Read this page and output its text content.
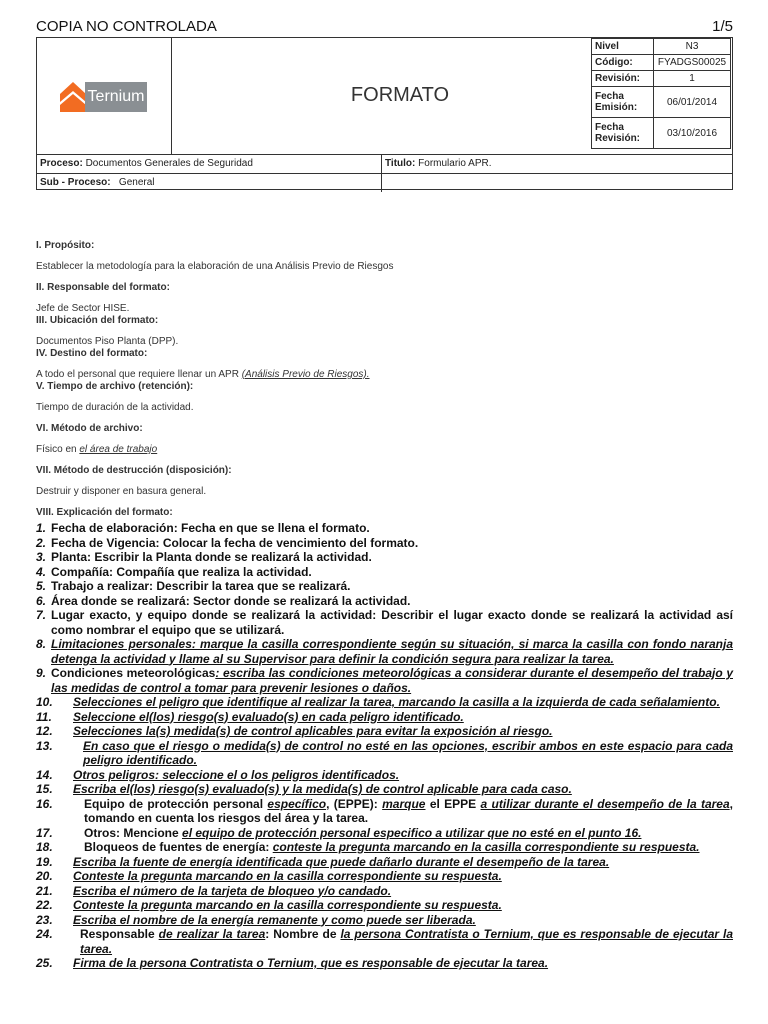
COPIA NO CONTROLADA	1/5
Ternium	FORMATO
Nivel	N3
Código:	FYADGS00025
Revisión:	1
Fecha Emisión:	06/01/2014
Fecha Revisión:	03/10/2016
Proceso: Documentos Generales de Seguridad	Titulo: Formulario APR.
Sub - Proceso: General

I. Propósito:

Establecer la metodología para la elaboración de una Análisis Previo de Riesgos

II. Responsable del formato:

Jefe de Sector HISE.

III. Ubicación del formato:

Documentos Piso Planta (DPP).

IV. Destino del formato:

A todo el personal que requiere llenar un APR (Análisis Previo de Riesgos).

V. Tiempo de archivo (retención):

Tiempo de duración de la actividad.

VI. Método de archivo:

Físico en el área de trabajo

VII. Método de destrucción (disposición):

Destruir y disponer en basura general.

VIII. Explicación del formato:

1. Fecha de elaboración: Fecha en que se llena el formato.
2. Fecha de Vigencia: Colocar la fecha de vencimiento del formato.
3. Planta: Escribir la Planta donde se realizará la actividad.
4. Compañía: Compañía que realiza la actividad.
5. Trabajo a realizar: Describir la tarea que se realizará.
6. Área donde se realizará: Sector donde se realizará la actividad.
7. Lugar exacto, y equipo donde se realizará la actividad: Describir el lugar exacto donde se realizará la actividad así como nombrar el equipo que se utilizará.
8. Limitaciones personales: marque la casilla correspondiente según su situación, si marca la casilla con fondo naranja detenga la actividad y llame al su Supervisor para definir la condición segura para realizar la tarea.
9. Condiciones meteorológicas: escriba las condiciones meteorológicas a considerar durante el desempeño del trabajo y las medidas de control a tomar para prevenir lesiones o daños.
10. Selecciones el peligro que identifique al realizar la tarea, marcando la casilla a la izquierda de cada señalamiento.
11. Seleccione el(los) riesgo(s) evaluado(s) en cada peligro identificado.
12. Selecciones la(s) medida(s) de control aplicables para evitar la exposición al riesgo.
13.	En caso que el riesgo o medida(s) de control no esté en las opciones, escribir ambos en este espacio para cada peligro identificado.
14. Otros peligros: seleccione el o los peligros identificados.
15. Escriba el(los) riesgo(s) evaluado(s) y la medida(s) de control aplicable para cada caso.
16.	Equipo de protección personal específico, (EPPE): marque el EPPE a utilizar durante el desempeño de la tarea, tomando en cuenta los riesgos del área y la tarea.
17.	Otros: Mencione el equipo de protección personal especifico a utilizar que no esté en el punto 16.
18.	Bloqueos de fuentes de energía: conteste la pregunta marcando en la casilla correspondiente su respuesta.
19. Escriba la fuente de energía identificada que puede dañarlo durante el desempeño de la tarea.
20. Conteste la pregunta marcando en la casilla correspondiente su respuesta.
21. Escriba el número de la tarjeta de bloqueo y/o candado.
22. Conteste la pregunta marcando en la casilla correspondiente su respuesta.
23. Escriba el nombre de la energía remanente y como puede ser liberada.
24. Responsable de realizar la tarea: Nombre de la persona Contratista o Ternium, que es responsable de ejecutar la tarea.
25. Firma de la persona Contratista o Ternium, que es responsable de ejecutar la tarea.
